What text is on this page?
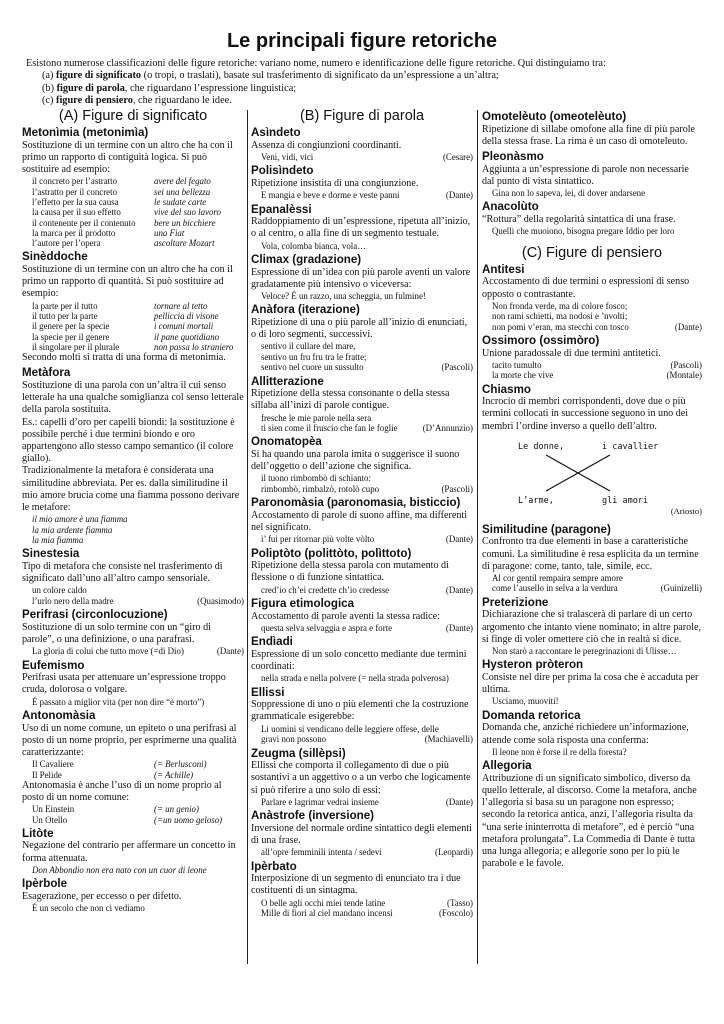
Le principali figure retoriche
Esistono numerose classificazioni delle figure retoriche: variano nome, numero e identificazione delle figure retoriche. Qui distinguiamo tra:
(a) figure di significato (o tropi, o traslati), basate sul trasferimento di significato da un’espressione a un’altra;
(b) figure di parola, che riguardano l’espressione linguistica;
(c) figure di pensiero, che riguardano le idee.
(A) Figure di significato
Metonìmia (metonimìa)

Sostituzione di un termine con un altro che ha con il primo un rapporto di contiguità logica. Si può sostituire ad esempio:

il concreto per l’astratto	avere del fegato
l’astratto per il concreto	sei una bellezza
l’effetto per la sua causa	le sudate carte
la causa per il suo effetto	vive del suo lavoro
il contenente per il contenuto	bere un bicchiere
la marca per il prodotto	una Fiat
l’autore per l’opera	ascoltare Mozart
Sinèddoche

Sostituzione di un termine con un altro che ha con il primo un rapporto di quantità. Si può sostituire ad esempio:

la parte per il tutto	tornare al tetto
il tutto per la parte	pelliccia di visone
il genere per la specie	i comuni mortali
la specie per il genere	il pane quotidiano
il singolare per il plurale	non passa lo straniero

Secondo molti si tratta di una forma di metonimia.

Metàfora

Sostituzione di una parola con un’altra il cui senso letterale ha una qualche somiglianza col senso letterale della parola sostituita.

Es.: capelli d’oro per capelli biondi: la sostituzione è possibile perché i due termini biondo e oro appartengono allo stesso campo semantico (il colore giallo).

Tradizionalmente la metafora è considerata una similitudine abbreviata. Per es. dalla similitudine il mio amore brucia come una fiamma possono derivare le metafore:

il mio amore è una fiamma
la mia ardente fiamma
la mia fiamma
Sinestesia

Tipo di metafora che consiste nel trasferimento di significato dall’uno all’altro campo sensoriale.

un colore caldo
l’urlo nero della madre	(Quasimodo)
Perifrasi (circonlocuzione)

Sostituzione di un solo termine con un “giro di parole”, o una definizione, o una parafrasi.

La gloria di colui che tutto move (=di Dio)	(Dante)
Eufemismo

Perifrasi usata per attenuare un’espressione troppo cruda, dolorosa o volgare.

É passato a miglior vita (per non dire “è morto”)
Antonomàsia

Uso di un nome comune, un epiteto o una perifrasi al posto di un nome proprio, per esprimerne una qualità caratterizzante:

Il Cavaliere	(= Berlusconi)
Il Pelide	(= Achille)

Antonomasia è anche l’uso di un nome proprio al posto di un nome comune:

Un Einstein	(= un genio)
Un Otello	(=un uomo geloso)
Litòte

Negazione del contrario per affermare un concetto in forma attenuata.

Don Abbondio non era nato con un cuor di leone
Ipèrbole

Esagerazione, per eccesso o per difetto.

É un secolo che non ci vediamo
(B) Figure di parola
Asìndeto

Assenza di congiunzioni coordinanti.

Veni, vidi, vici	(Cesare)
Polisìndeto

Ripetizione insistita di una congiunzione.

E mangia e beve e dorme e veste panni	(Dante)
Epanalèssi

Raddoppiamento di un’espressione, ripetuta all’inizio, o al centro, o alla fine di un segmento testuale.

Vola, colomba bianca, vola…
Climax (gradazione)

Espressione di un’idea con più parole aventi un valore gradatamente più intensivo o viceversa:

Veloce? É un razzo, una scheggia, un fulmine!
Anàfora (iterazione)

Ripetizione di una o più parole all’inizio di enunciati, o di loro segmenti, successivi.

sentivo il cullare del mare,
sentivo un fru fru tra le fratte;
sentivo nel cuore un sussulto	(Pascoli)
Allitterazione

Ripetizione della stessa consonante o della stessa sillaba all’inizi di parole contigue.

fresche le mie parole nella sera
ti sien come il fruscio che fan le foglie	(D’Annunzio)
Onomatopèa

Si ha quando una parola imita o suggerisce il suono dell’oggetto o dell’azione che significa.

il tuono rimbombò di schianto:
rimbombò, rimbalzò, rotolò cupo	(Pascoli)
Paronomàsia (paronomasia, bisticcio)

Accostamento di parole di suono affine, ma differenti nel significato.

i’ fui per ritornar più volte vòlto	(Dante)
Poliptòto (polittòto, polìttoto)

Ripetizione della stessa parola con mutamento di flessione o di funzione sintattica.

cred’io ch’ei credette ch’io credesse	(Dante)
Figura etimologica

Accostamento di parole aventi la stessa radice:

questa selva selvaggia e aspra e forte	(Dante)
Endìadi

Espressione di un solo concetto mediante due termini coordinati:

nella strada e nella polvere (= nella strada polverosa)
Ellissi

Soppressione di uno o più elementi che la costruzione grammaticale esigerebbe:

Li uomini si vendicano delle leggiere offese, delle
gravi non possono	(Machiavelli)
Zeugma (sillèpsi)

Ellissi che comporta il collegamento di due o più sostantivi a un aggettivo o a un verbo che logicamente si può riferire a uno solo di essi:

Parlare e lagrimar vedrai insieme	(Dante)
Anàstrofe (inversione)

Inversione del normale ordine sintattico degli elementi di una frase.

all’opre femminili intenta / sedevi	(Leopardi)
Ipèrbato

Interposizione di un segmento di enunciato tra i due costituenti di un sintagma.

O belle agli occhi miei tende latine	(Tasso)
Mille di fiori al ciel mandano incensi	(Foscolo)
Omotelèuto (omeotelèuto)

Ripetizione di sillabe omofone alla fine di più parole della stessa frase. La rima è un caso di omoteleuto.

Pleonàsmo

Aggiunta a un’espressione di parole non necessarie dal punto di vista sintattico.

Gina non lo sapeva, lei, di dover andarsene
Anacolùto

“Rottura” della regolarità sintattica di una frase.

Quelli che muoiono, bisogna pregare Iddio per loro
(C) Figure di pensiero
Antitesi

Accostamento di due termini o espressioni di senso opposto o contrastante.

Non fronda verde, ma di colore fosco;
non rami schietti, ma nodosi e ’nvolti;
non pomi v’eran, ma stecchi con tosco	(Dante)
Ossimoro (ossimòro)

Unione paradossale di due termini antitetici.

tacito tumulto	(Pascoli)
la morte che vive	(Montale)
Chiasmo

Incrocio di membri corrispondenti, dove due o più termini collocati in successione seguono in uno dei membri l’ordine inverso a quello dell’altro.

Le donne,	i cavallier
L’arme,	gli amori
(Ariosto)
Similitudine (paragone)

Confronto tra due elementi in base a caratteristiche comuni. La similitudine è resa esplicita da un termine di paragone: come, tanto, tale, simile, ecc.

Al cor gentil rempaira sempre amore
come l’ausello in selva a la verdura	(Guinizelli)
Preterizione

Dichiarazione che si tralascerà di parlare di un certo argomento che intanto viene nominato; in altre parole, si finge di voler omettere ciò che in realtà si dice.

Non starò a raccontare le peregrinazioni di Ulisse…
Hysteron pròteron

Consiste nel dire per prima la cosa che è accaduta per ultima.

Usciamo, muoviti!
Domanda retorica

Domanda che, anziché richiedere un’informazione, attende come sola risposta una conferma:

Il leone non è forse il re della foresta?
Allegoria

Attribuzione di un significato simbolico, diverso da quello letterale, al discorso. Come la metafora, anche l’allegoria si basa su un paragone non espresso; secondo la retorica antica, anzi, l’allegoria risulta da “una serie ininterrotta di metafore”, ed è perciò “una metafora prolungata”. La Commedia di Dante è tutta una lunga allegoria; e allegorie sono per lo più le parabole e le favole.
